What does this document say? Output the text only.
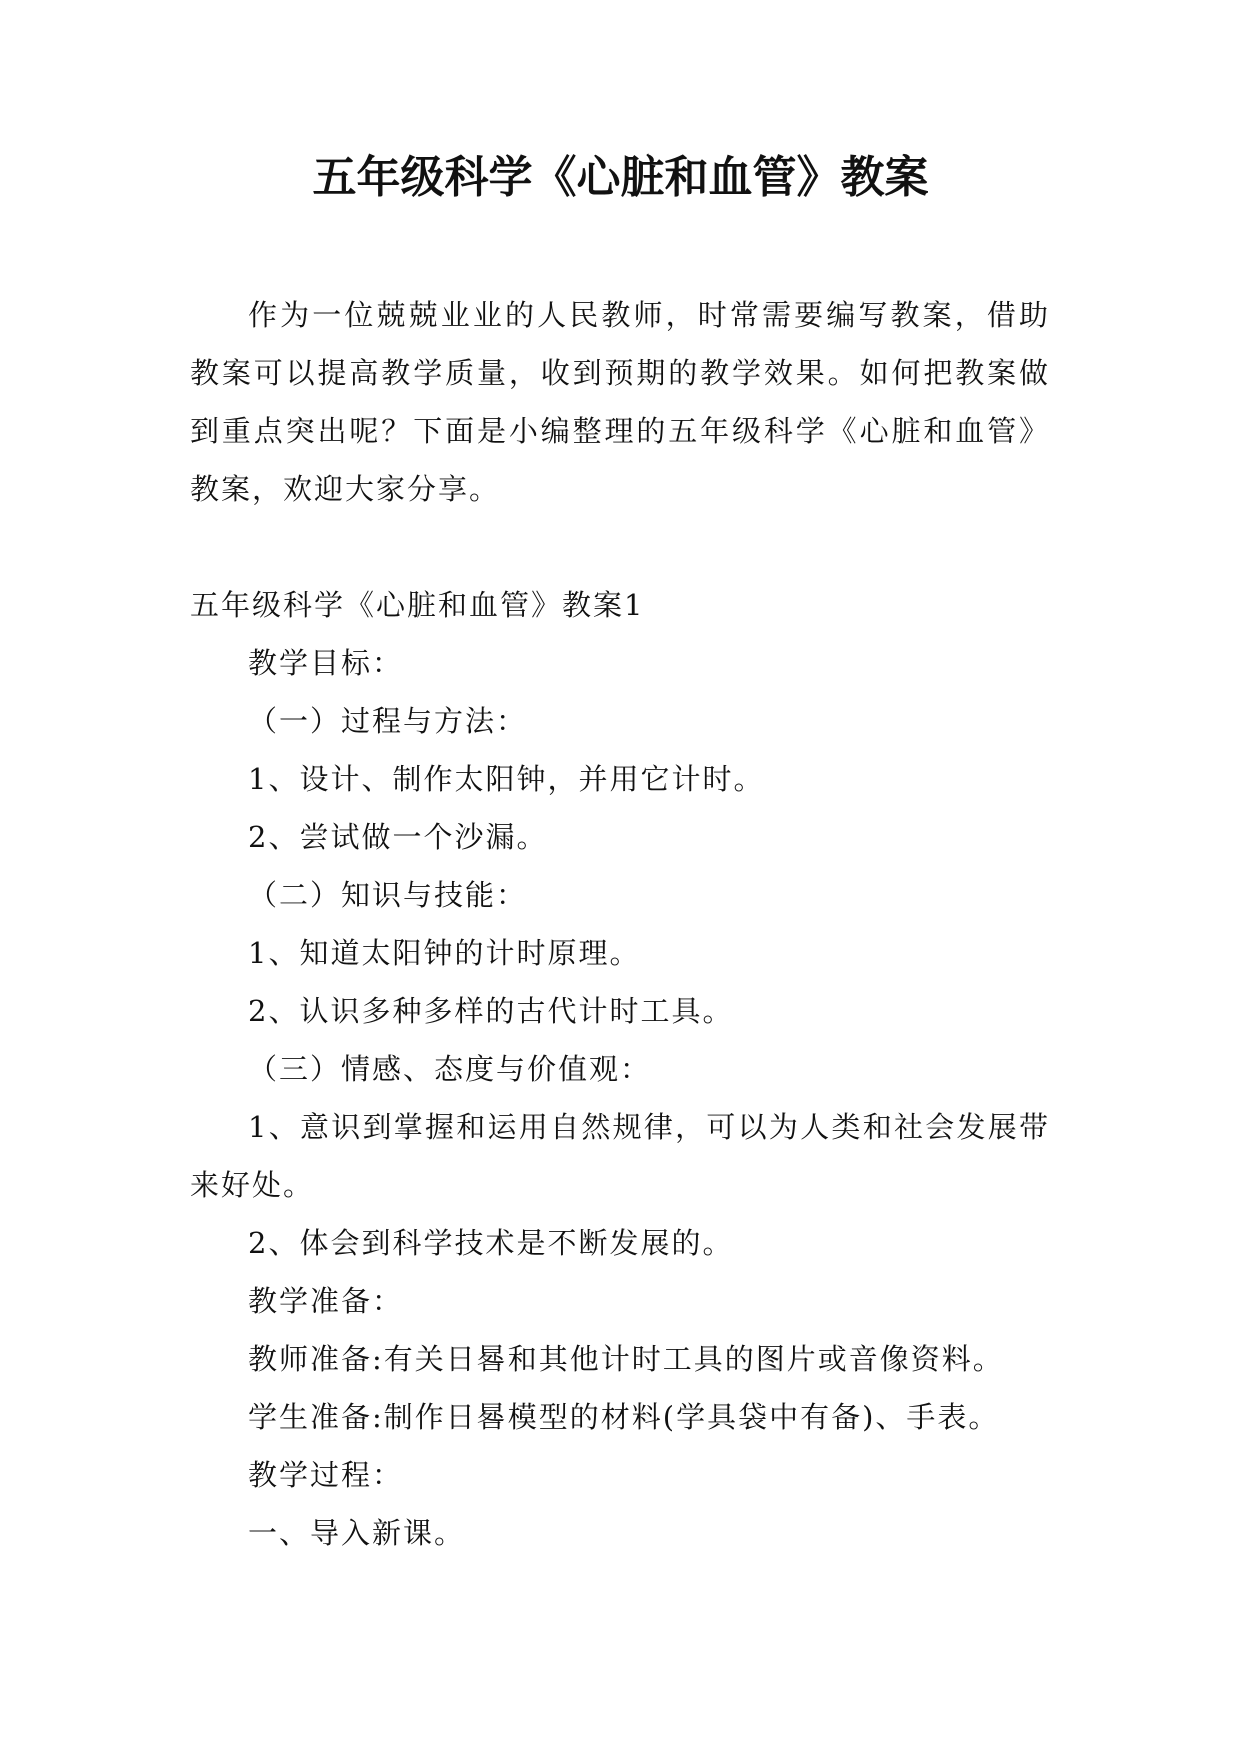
五年级科学《心脏和血管》教案

作为一位兢兢业业的人民教师，时常需要编写教案，借助教案可以提高教学质量，收到预期的教学效果。如何把教案做到重点突出呢？下面是小编整理的五年级科学《心脏和血管》教案，欢迎大家分享。

五年级科学《心脏和血管》教案1

教学目标：

（一）过程与方法：

1、设计、制作太阳钟，并用它计时。

2、尝试做一个沙漏。

（二）知识与技能：

1、知道太阳钟的计时原理。

2、认识多种多样的古代计时工具。

（三）情感、态度与价值观：

1、意识到掌握和运用自然规律，可以为人类和社会发展带来好处。

2、体会到科学技术是不断发展的。

教学准备：

教师准备:有关日晷和其他计时工具的图片或音像资料。

学生准备:制作日晷模型的材料(学具袋中有备)、手表。

教学过程：

一、导入新课。
